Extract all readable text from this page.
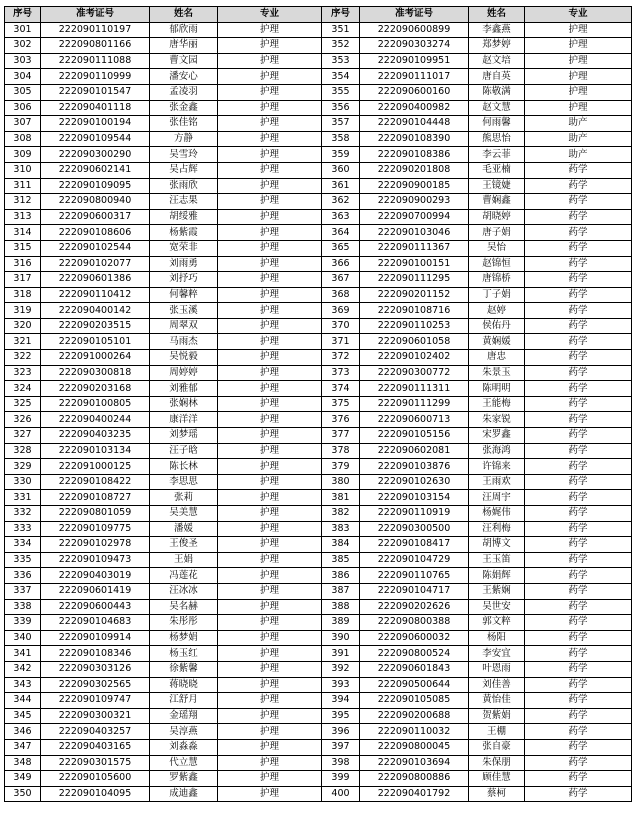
序号	准考证号	姓名	专业	序号	准考证号	姓名	专业
301	222090110197	郁欣雨	护理	351	222090600899	李鑫燕	护理
302	222090801166	唐华丽	护理	352	222090303274	郑梦婷	护理
303	222090111088	曹文园	护理	353	222090109951	赵文培	护理
304	222090110999	潘安心	护理	354	222090111017	唐自英	护理
305	222090101547	孟凌羽	护理	355	222090600160	陈敬满	护理
306	222090401118	张金鑫	护理	356	222090400982	赵文慧	护理
307	222090100194	张佳铭	护理	357	222090104448	何雨馨	助产
308	222090109544	方静	护理	358	222090108390	熊思怡	助产
309	222090300290	吴雪玲	护理	359	222090108386	李云菲	助产
310	222090602141	吴占辉	护理	360	222090201808	毛亚楠	药学
311	222090109095	张雨欣	护理	361	222090900185	王镜婕	药学
312	222090800940	汪志果	护理	362	222090900293	曹娴鑫	药学
313	222090600317	胡绥雅	护理	363	222090700994	胡晓婷	药学
314	222090108606	杨紫霞	护理	364	222090103046	唐子娟	药学
315	222090102544	宽荣非	护理	365	222090111367	吴怡	药学
316	222090102077	刘雨勇	护理	366	222090100151	赵锦恒	药学
317	222090601386	刘抒巧	护理	367	222090111295	唐锦桥	药学
318	222090110412	何馨粹	护理	368	222090201152	丁子娟	药学
319	222090400142	张玉溪	护理	369	222090108716	赵婷	药学
320	222090203515	周翠双	护理	370	222090110253	侯佑丹	药学
321	222090105101	马雨杰	护理	371	222090601058	黄娴媛	药学
322	222091000264	吴悦毅	护理	372	222090102402	唐忠	药学
323	222090300818	周婷婷	护理	373	222090300772	朱景玉	药学
324	222090203168	刘雅郁	护理	374	222090111311	陈明明	药学
325	222090100805	张娴林	护理	375	222090111299	王能梅	药学
326	222090400244	康洋洋	护理	376	222090600713	朱家锐	药学
327	222090403235	刘梦瑶	护理	377	222090105156	宋罗鑫	药学
328	222090103134	汪子晗	护理	378	222090602081	张海鸿	药学
329	222091000125	陈长林	护理	379	222090103876	许锦来	药学
330	222090108422	李思思	护理	380	222090102630	王雨欢	药学
331	222090108727	张莉	护理	381	222090103154	汪周宇	药学
332	222090801059	吴美慧	护理	382	222090110919	杨娓伟	药学
333	222090109775	潘媛	护理	383	222090300500	汪利梅	药学
334	222090102978	王俊圣	护理	384	222090108417	胡博文	药学
335	222090109473	王娟	护理	385	222090104729	王玉笛	药学
336	222090403019	冯莲花	护理	386	222090110765	陈娟辉	药学
337	222090601419	汪冰冰	护理	387	222090104717	王紫娴	药学
338	222090600443	吴名赫	护理	388	222090202626	吴世安	药学
339	222090104683	朱彤彤	护理	389	222090800388	郭文粹	药学
340	222090109914	杨梦娟	护理	390	222090600032	杨阳	药学
341	222090108346	杨玉红	护理	391	222090800524	李安宜	药学
342	222090303126	徐紫馨	护理	392	222090601843	叶恩雨	药学
343	222090302565	蒋晓晓	护理	393	222090500644	刘佳善	药学
344	222090109747	江舒月	护理	394	222090105085	黄怡佳	药学
345	222090300321	金瑶翔	护理	395	222090200688	贺紫娟	药学
346	222090403257	吴淳燕	护理	396	222090110032	王棚	药学
347	222090403165	刘淼淼	护理	397	222090800045	张自豪	药学
348	222090301575	代立慧	护理	398	222090103694	朱保朋	药学
349	222090105600	罗紫鑫	护理	399	222090800886	顾佳慧	药学
350	222090104095	成迪鑫	护理	400	222090401792	蔡柯	药学
